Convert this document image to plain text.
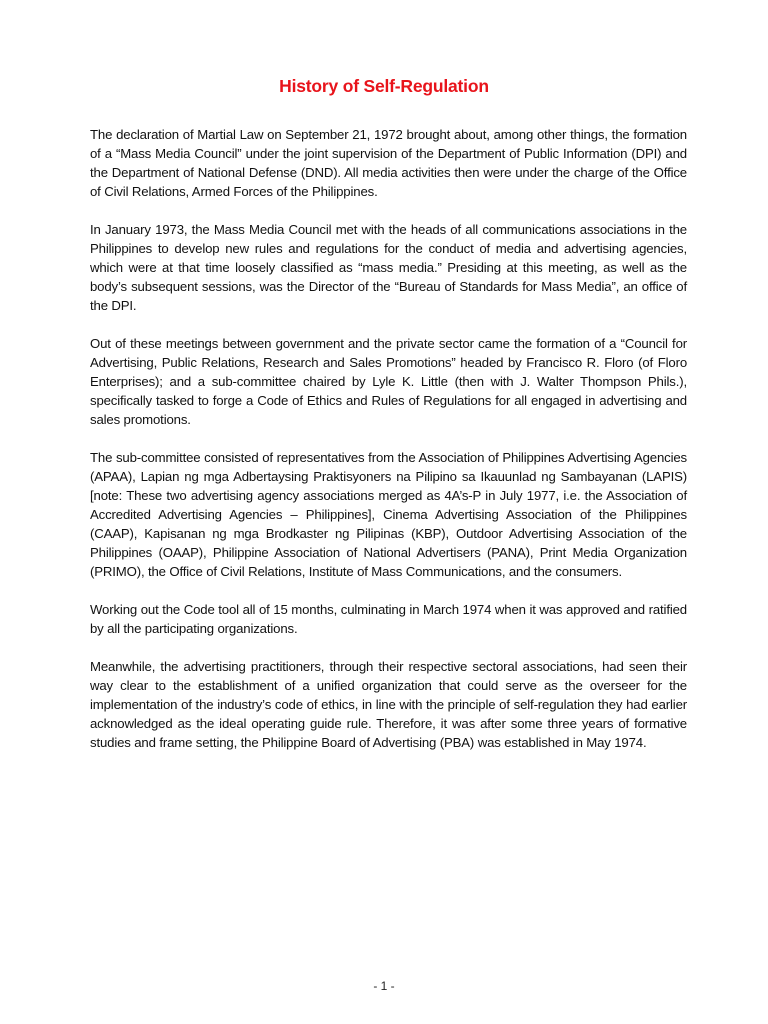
History of Self-Regulation

The declaration of Martial Law on September 21, 1972 brought about, among other things, the formation of a “Mass Media Council” under the joint supervision of the Department of Public Information (DPI) and the Department of National Defense (DND). All media activities then were under the charge of the Office of Civil Relations, Armed Forces of the Philippines.

In January 1973, the Mass Media Council met with the heads of all communications associations in the Philippines to develop new rules and regulations for the conduct of media and advertising agencies, which were at that time loosely classified as “mass media.” Presiding at this meeting, as well as the body’s subsequent sessions, was the Director of the “Bureau of Standards for Mass Media”, an office of the DPI.

Out of these meetings between government and the private sector came the formation of a “Council for Advertising, Public Relations, Research and Sales Promotions” headed by Francisco R. Floro (of Floro Enterprises); and a sub-committee chaired by Lyle K. Little (then with J. Walter Thompson Phils.), specifically tasked to forge a Code of Ethics and Rules of Regulations for all engaged in advertising and sales promotions.

The sub-committee consisted of representatives from the Association of Philippines Advertising Agencies (APAA), Lapian ng mga Adbertaysing Praktisyoners na Pilipino sa Ikauunlad ng Sambayanan (LAPIS) [note: These two advertising agency associations merged as 4A’s-P in July 1977, i.e. the Association of Accredited Advertising Agencies – Philippines], Cinema Advertising Association of the Philippines (CAAP), Kapisanan ng mga Brodkaster ng Pilipinas (KBP), Outdoor Advertising Association of the Philippines (OAAP), Philippine Association of National Advertisers (PANA), Print Media Organization (PRIMO), the Office of Civil Relations, Institute of Mass Communications, and the consumers.

Working out the Code tool all of 15 months, culminating in March 1974 when it was approved and ratified by all the participating organizations.

Meanwhile, the advertising practitioners, through their respective sectoral associations, had seen their way clear to the establishment of a unified organization that could serve as the overseer for the implementation of the industry’s code of ethics, in line with the principle of self-regulation they had earlier acknowledged as the ideal operating guide rule. Therefore, it was after some three years of formative studies and frame setting, the Philippine Board of Advertising (PBA) was established in May 1974.

- 1 -
